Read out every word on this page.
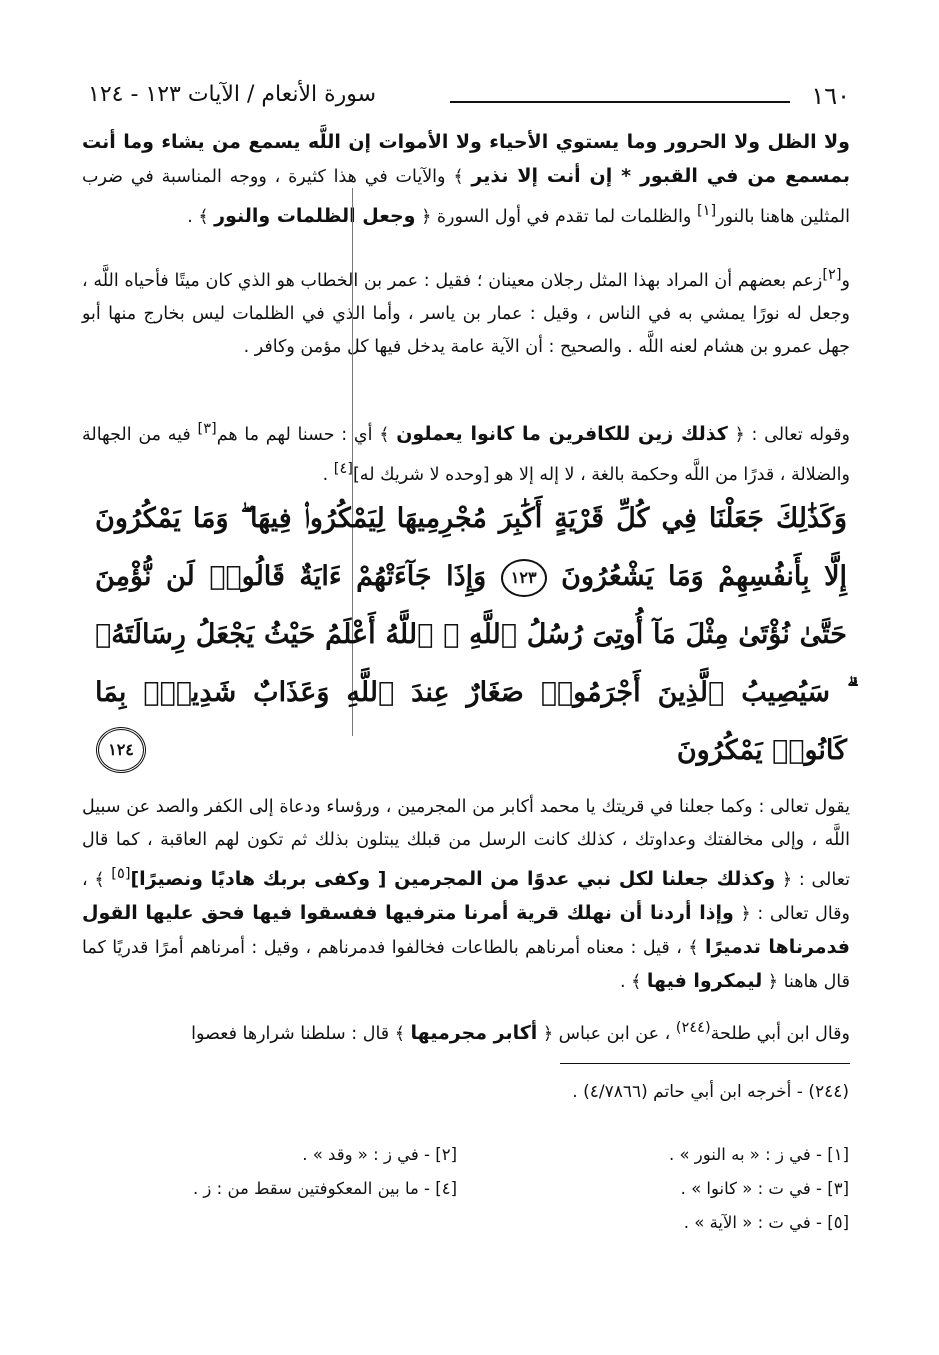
١٦٠
سورة الأنعام / الآيات ١٢٣ - ١٢٤
ولا الظل ولا الحرور وما يستوي الأحياء ولا الأموات إن اللَّه يسمع من يشاء وما أنت بمسمع من في القبور * إن أنت إلا نذير ﴾ والآيات في هذا كثيرة ، ووجه المناسبة في ضرب المثلين هاهنا بالنور[١] والظلمات لما تقدم في أول السورة ﴿ وجعل الظلمات والنور ﴾ .
و[٢]زعم بعضهم أن المراد بهذا المثل رجلان معينان ؛ فقيل : عمر بن الخطاب هو الذي كان ميتًا فأحياه اللَّه ، وجعل له نورًا يمشي به في الناس ، وقيل : عمار بن ياسر ، وأما الذي في الظلمات ليس بخارج منها أبو جهل عمرو بن هشام لعنه اللَّه . والصحيح : أن الآية عامة يدخل فيها كل مؤمن وكافر .
وقوله تعالى : ﴿ كذلك زين للكافرين ما كانوا يعملون ﴾ أي : حسنا لهم ما هم[٣] فيه من الجهالة والضلالة ، قدرًا من اللَّه وحكمة بالغة ، لا إله إلا هو [وحده لا شريك له][٤] .
وَكَذَٰلِكَ جَعَلْنَا فِي كُلِّ قَرْيَةٍ أَكَٰبِرَ مُجْرِمِيهَا لِيَمْكُرُوا۟ فِيهَا ۖ وَمَا يَمْكُرُونَ إِلَّا بِأَنفُسِهِمْ وَمَا يَشْعُرُونَ ١٢٣ وَإِذَا جَآءَتْهُمْ ءَايَةٌ قَالُوا۟ لَن نُّؤْمِنَ حَتَّىٰ نُؤْتَىٰ مِثْلَ مَآ أُوتِىَ رُسُلُ ٱللَّهِ ۘ ٱللَّهُ أَعْلَمُ حَيْثُ يَجْعَلُ رِسَالَتَهُۥ ۗ سَيُصِيبُ ٱلَّذِينَ أَجْرَمُوا۟ صَغَارٌ عِندَ ٱللَّهِ وَعَذَابٌ شَدِيدٌۢ بِمَا كَانُوا۟ يَمْكُرُونَ
١٢٤
يقول تعالى : وكما جعلنا في قريتك يا محمد أكابر من المجرمين ، ورؤساء ودعاة إلى الكفر والصد عن سبيل اللَّه ، وإلى مخالفتك وعداوتك ، كذلك كانت الرسل من قبلك يبتلون بذلك ثم تكون لهم العاقبة ، كما قال تعالى : ﴿ وكذلك جعلنا لكل نبي عدوًا من المجرمين [ وكفى بربك هاديًا ونصيرًا][٥] ﴾ ، وقال تعالى : ﴿ وإذا أردنا أن نهلك قرية أمرنا مترفيها ففسقوا فيها فحق عليها القول فدمرناها تدميرًا ﴾ ، قيل : معناه أمرناهم بالطاعات فخالفوا فدمرناهم ، وقيل : أمرناهم أمرًا قدريًا كما قال هاهنا ﴿ ليمكروا فيها ﴾ .
وقال ابن أبي طلحة$^{(٢٤٤)}$ ، عن ابن عباس ﴿ أكابر مجرميها ﴾ قال : سلطنا شرارها فعصوا
(٢٤٤) - أخرجه ابن أبي حاتم (٤/٧٨٦٦) .
[١] - في ز : « به النور » .
[٢] - في ز : « وقد » .
[٣] - في ت : « كانوا » .
[٤] - ما بين المعكوفتين سقط من : ز .
[٥] - في ت : « الآية » .
